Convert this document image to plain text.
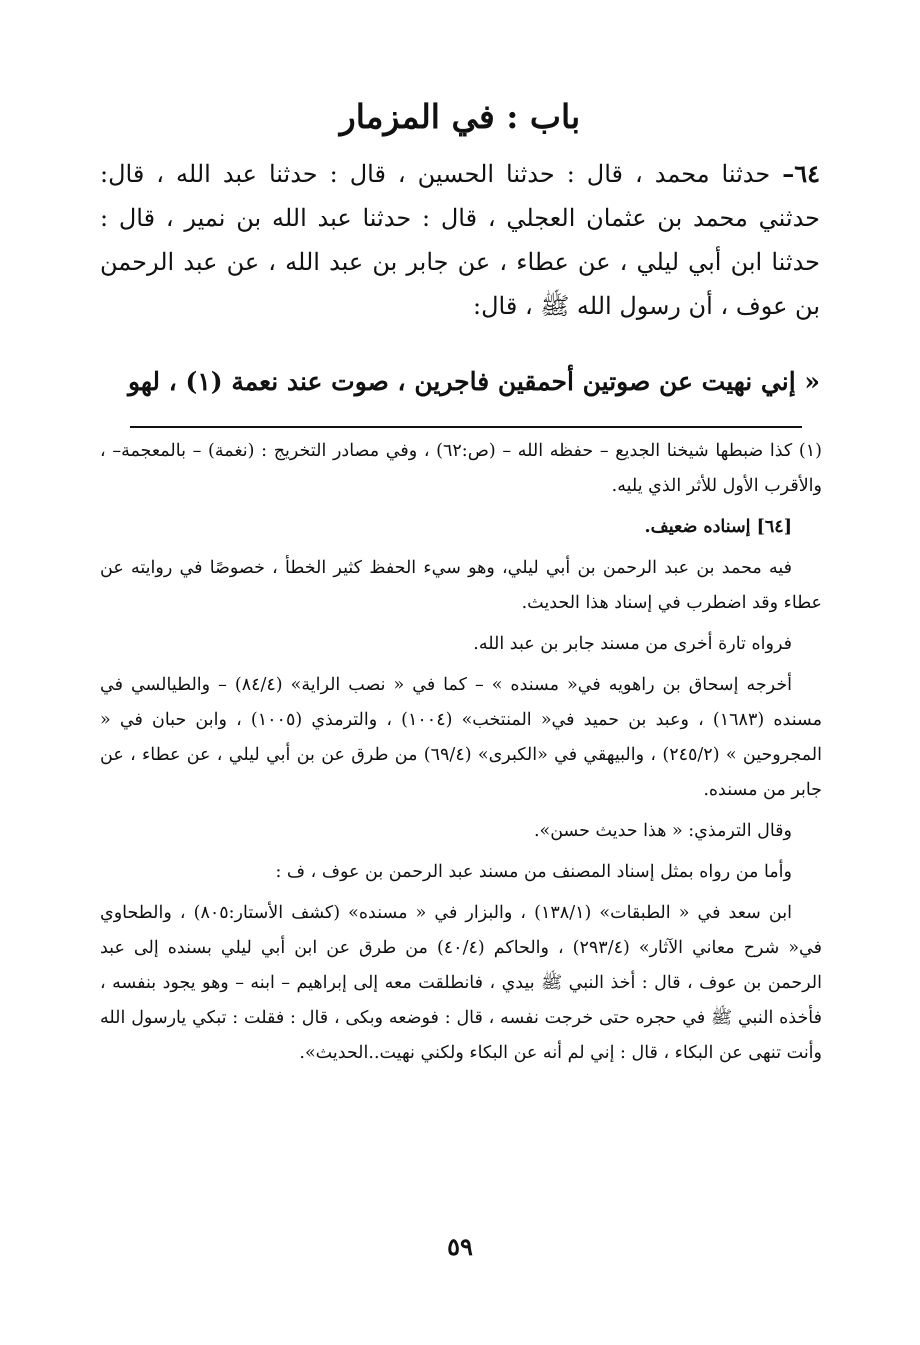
باب : في المزمار

٦٤– حدثنا محمد ، قال : حدثنا الحسين ، قال : حدثنا عبد الله ، قال: حدثني محمد بن عثمان العجلي ، قال : حدثنا عبد الله بن نمير ، قال : حدثنا ابن أبي ليلي ، عن عطاء ، عن جابر بن عبد الله ، عن عبد الرحمن بن عوف ، أن رسول الله ﷺ ، قال:

« إني نهيت عن صوتين أحمقين فاجرين ، صوت عند نعمة (١) ، لهو

(١) كذا ضبطها شيخنا الجديع – حفظه الله – (ص:٦٢) ، وفي مصادر التخريج : (نغمة) – بالمعجمة– ، والأقرب الأول للأثر الذي يليه.

[٦٤] إسناده ضعيف.

فيه محمد بن عبد الرحمن بن أبي ليلي، وهو سيء الحفظ كثير الخطأ ، خصوصًا في روايته عن عطاء وقد اضطرب في إسناد هذا الحديث.

فرواه تارة أخرى من مسند جابر بن عبد الله.

أخرجه إسحاق بن راهويه في« مسنده » – كما في « نصب الراية» (٨٤/٤) – والطيالسي في مسنده (١٦٨٣) ، وعبد بن حميد في« المنتخب» (١٠٠٤) ، والترمذي (١٠٠٥) ، وابن حبان في « المجروحين » (٢٤٥/٢) ، والبيهقي في «الكبرى» (٦٩/٤) من طرق عن بن أبي ليلي ، عن عطاء ، عن جابر من مسنده.

وقال الترمذي: « هذا حديث حسن».

وأما من رواه بمثل إسناد المصنف من مسند عبد الرحمن بن عوف ، ف :

ابن سعد في « الطبقات» (١٣٨/١) ، والبزار في « مسنده» (كشف الأستار:٨٠٥) ، والطحاوي في« شرح معاني الآثار» (٢٩٣/٤) ، والحاكم (٤٠/٤) من طرق عن ابن أبي ليلي بسنده إلى عبد الرحمن بن عوف ، قال : أخذ النبي ﷺ بيدي ، فانطلقت معه إلى إبراهيم – ابنه – وهو يجود بنفسه ، فأخذه النبي ﷺ في حجره حتى خرجت نفسه ، قال : فوضعه وبكى ، قال : فقلت : تبكي يارسول الله وأنت تنهى عن البكاء ، قال : إني لم أنه عن البكاء ولكني نهيت..الحديث».

٥٩
